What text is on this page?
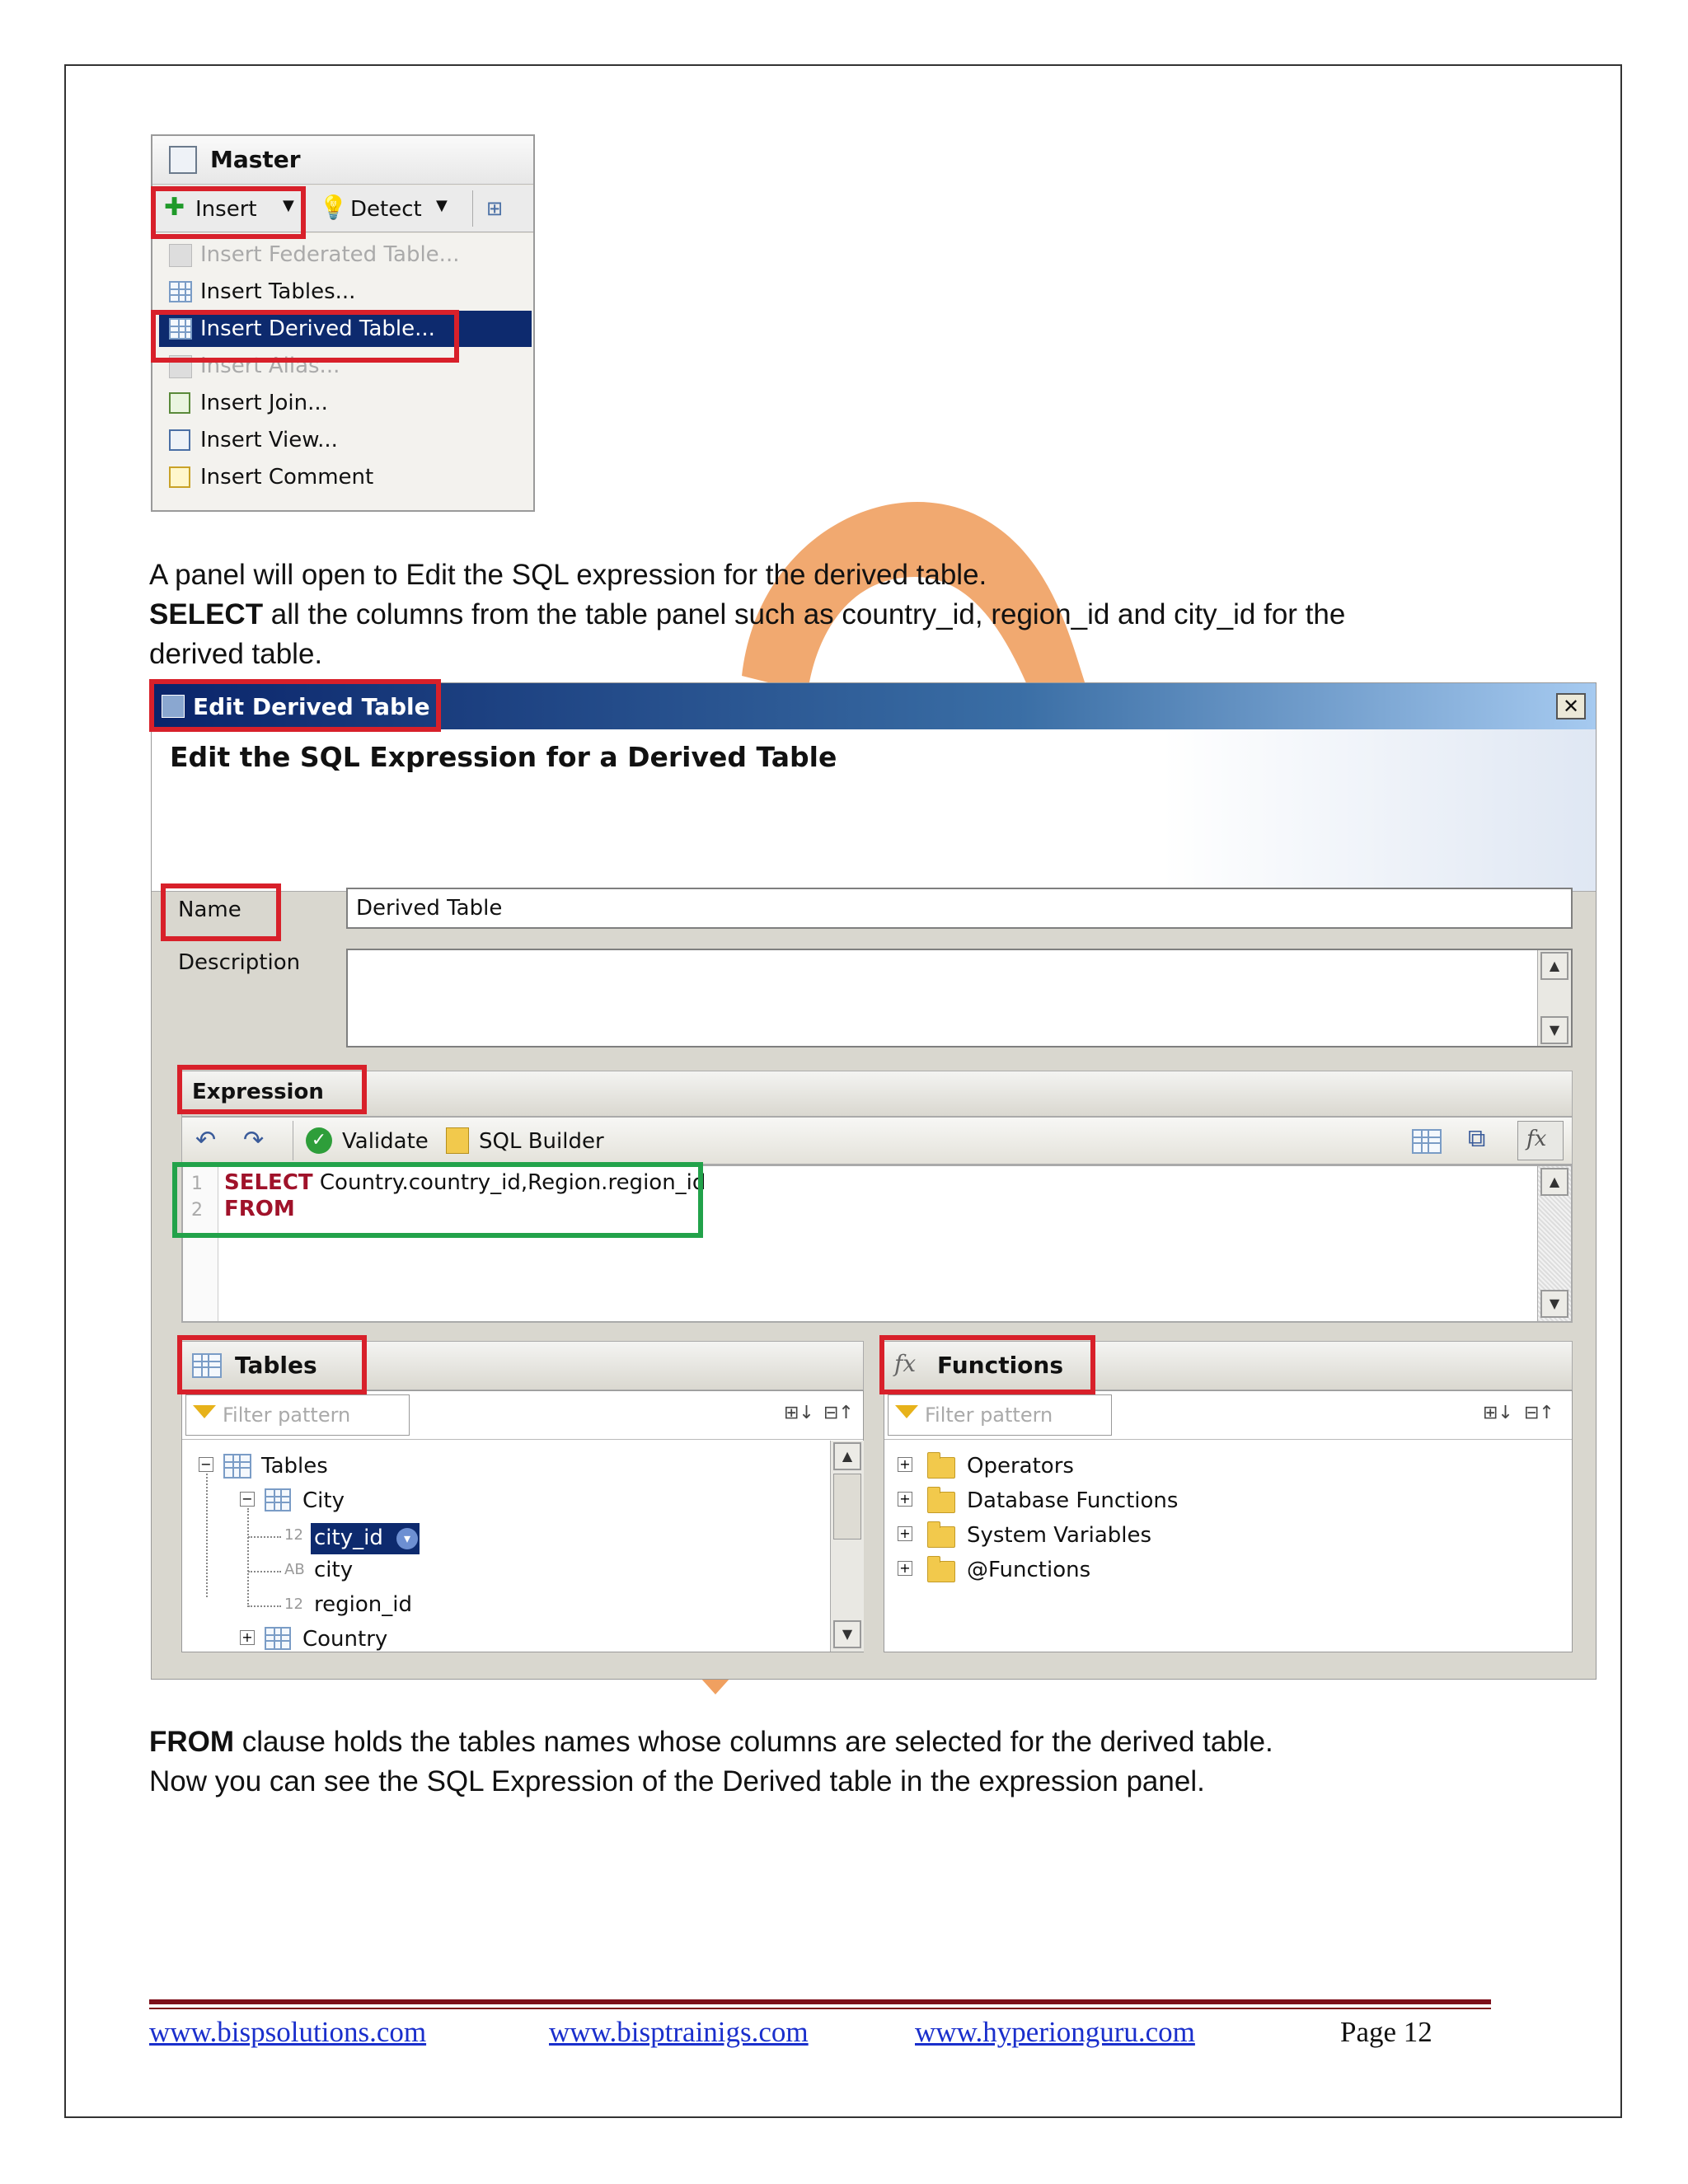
Master
✚ Insert ▼ 💡 Detect ▼ ⊞
Insert Federated Table...
Insert Tables...
Insert Derived Table...
Insert Alias...
Insert Join...
Insert View...
Insert Comment
A panel will open to Edit the SQL expression for the derived table.
SELECT all the columns from the table panel such as country_id, region_id and city_id for the
derived table.
Edit Derived Table	✕
Edit the SQL Expression for a Derived Table
Name	Derived Table
Description	▲
▼
Expression
↶ ↷	✓ Validate SQL Builder	⧉ fx
1
2
SELECT Country.country_id,Region.region_id
FROM
▲
▼
Tables
Filter pattern	⊞↓ ⊟↑
− Tables
− City
12 city_id	▾
AB city
12 region_id
+ Country
▲
▼
fx Functions
Filter pattern	⊞↓ ⊟↑
+	Operators
+	Database Functions
+	System Variables
+	@Functions
FROM clause holds the tables names whose columns are selected for the derived table.
Now you can see the SQL Expression of the Derived table in the expression panel.
www.bispsolutions.com	www.bisptrainigs.com	www.hyperionguru.com	Page 12
